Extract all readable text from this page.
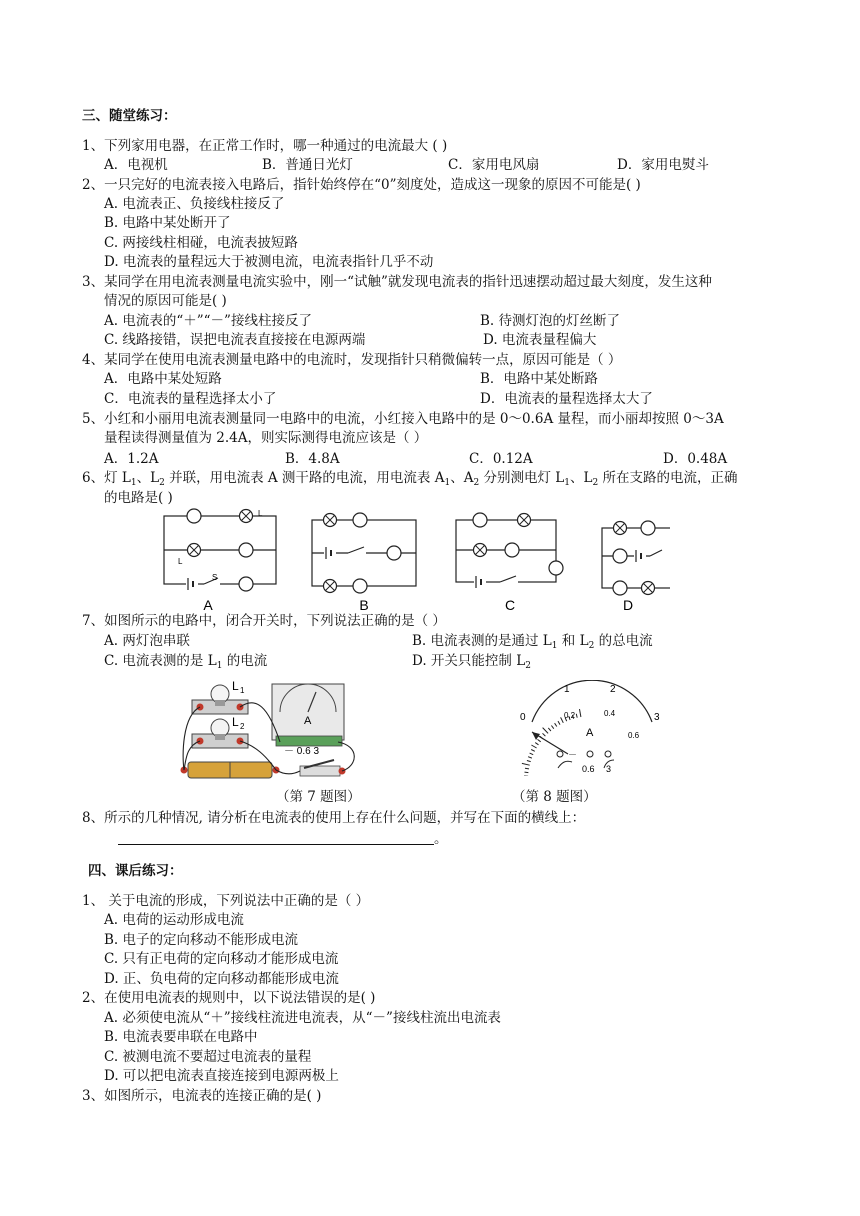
三、随堂练习：
1、下列家用电器，在正常工作时，哪一种通过的电流最大 ( )
A．电视机	B．普通日光灯	C．家用电风扇	D．家用电熨斗
2、一只完好的电流表接入电路后，指针始终停在“0”刻度处，造成这一现象的原因不可能是( )
A. 电流表正、负接线柱接反了
B. 电路中某处断开了
C. 两接线柱相碰，电流表披短路
D. 电流表的量程远大于被测电流，电流表指针几乎不动
3、某同学在用电流表测量电流实验中，刚一“试触”就发现电流表的指针迅速摆动超过最大刻度，发生这种
情况的原因可能是( )
A. 电流表的“＋”“－”接线柱接反了	B. 待测灯泡的灯丝断了
C. 线路接错，误把电流表直接接在电源两端	D. 电流表量程偏大
4、某同学在使用电流表测量电路中的电流时，发现指针只稍微偏转一点，原因可能是（ ）
A．电路中某处短路	B．电路中某处断路
C．电流表的量程选择太小了	D．电流表的量程选择太大了
5、小红和小丽用电流表测量同一电路中的电流，小红接入电路中的是 0～0.6A 量程，而小丽却按照 0～3A
量程读得测量值为 2.4A，则实际测得电流应该是（ ）
A．1.2A	B．4.8A	C．0.12A	D．0.48A
6、灯 $L_1$、$L_2$ 并联，用电流表 A 测干路的电流，用电流表 $A_1$、$A_2$ 分别测电灯 $L_1$、$L_2$ 所在支路的电流，正确
的电路是( )
A	B	C	D
L
L
S
7、如图所示的电路中，闭合开关时，下列说法正确的是（ ）
A. 两灯泡串联	B. 电流表测的是通过 $L_1$ 和 $L_2$ 的总电流
C. 电流表测的是 $L_1$ 的电流	D. 开关只能控制 $L_2$
L 1
L 2	A
－ 0.6 3
0
1	2
3
0.2	0.4
0.6
A
－
0.6 3
（第 7 题图）	（第 8 题图）
8、所示的几种情况, 请分析在电流表的使用上存在什么问题，并写在下面的横线上：
。
四、课后练习：
1、 关于电流的形成，下列说法中正确的是（ ）
A. 电荷的运动形成电流
B. 电子的定向移动不能形成电流
C. 只有正电荷的定向移动才能形成电流
D. 正、负电荷的定向移动都能形成电流
2、在使用电流表的规则中，以下说法错误的是( )
A. 必须使电流从“＋”接线柱流进电流表，从“－”接线柱流出电流表
B. 电流表要串联在电路中
C. 被测电流不要超过电流表的量程
D. 可以把电流表直接连接到电源两极上
3、如图所示，电流表的连接正确的是( )
